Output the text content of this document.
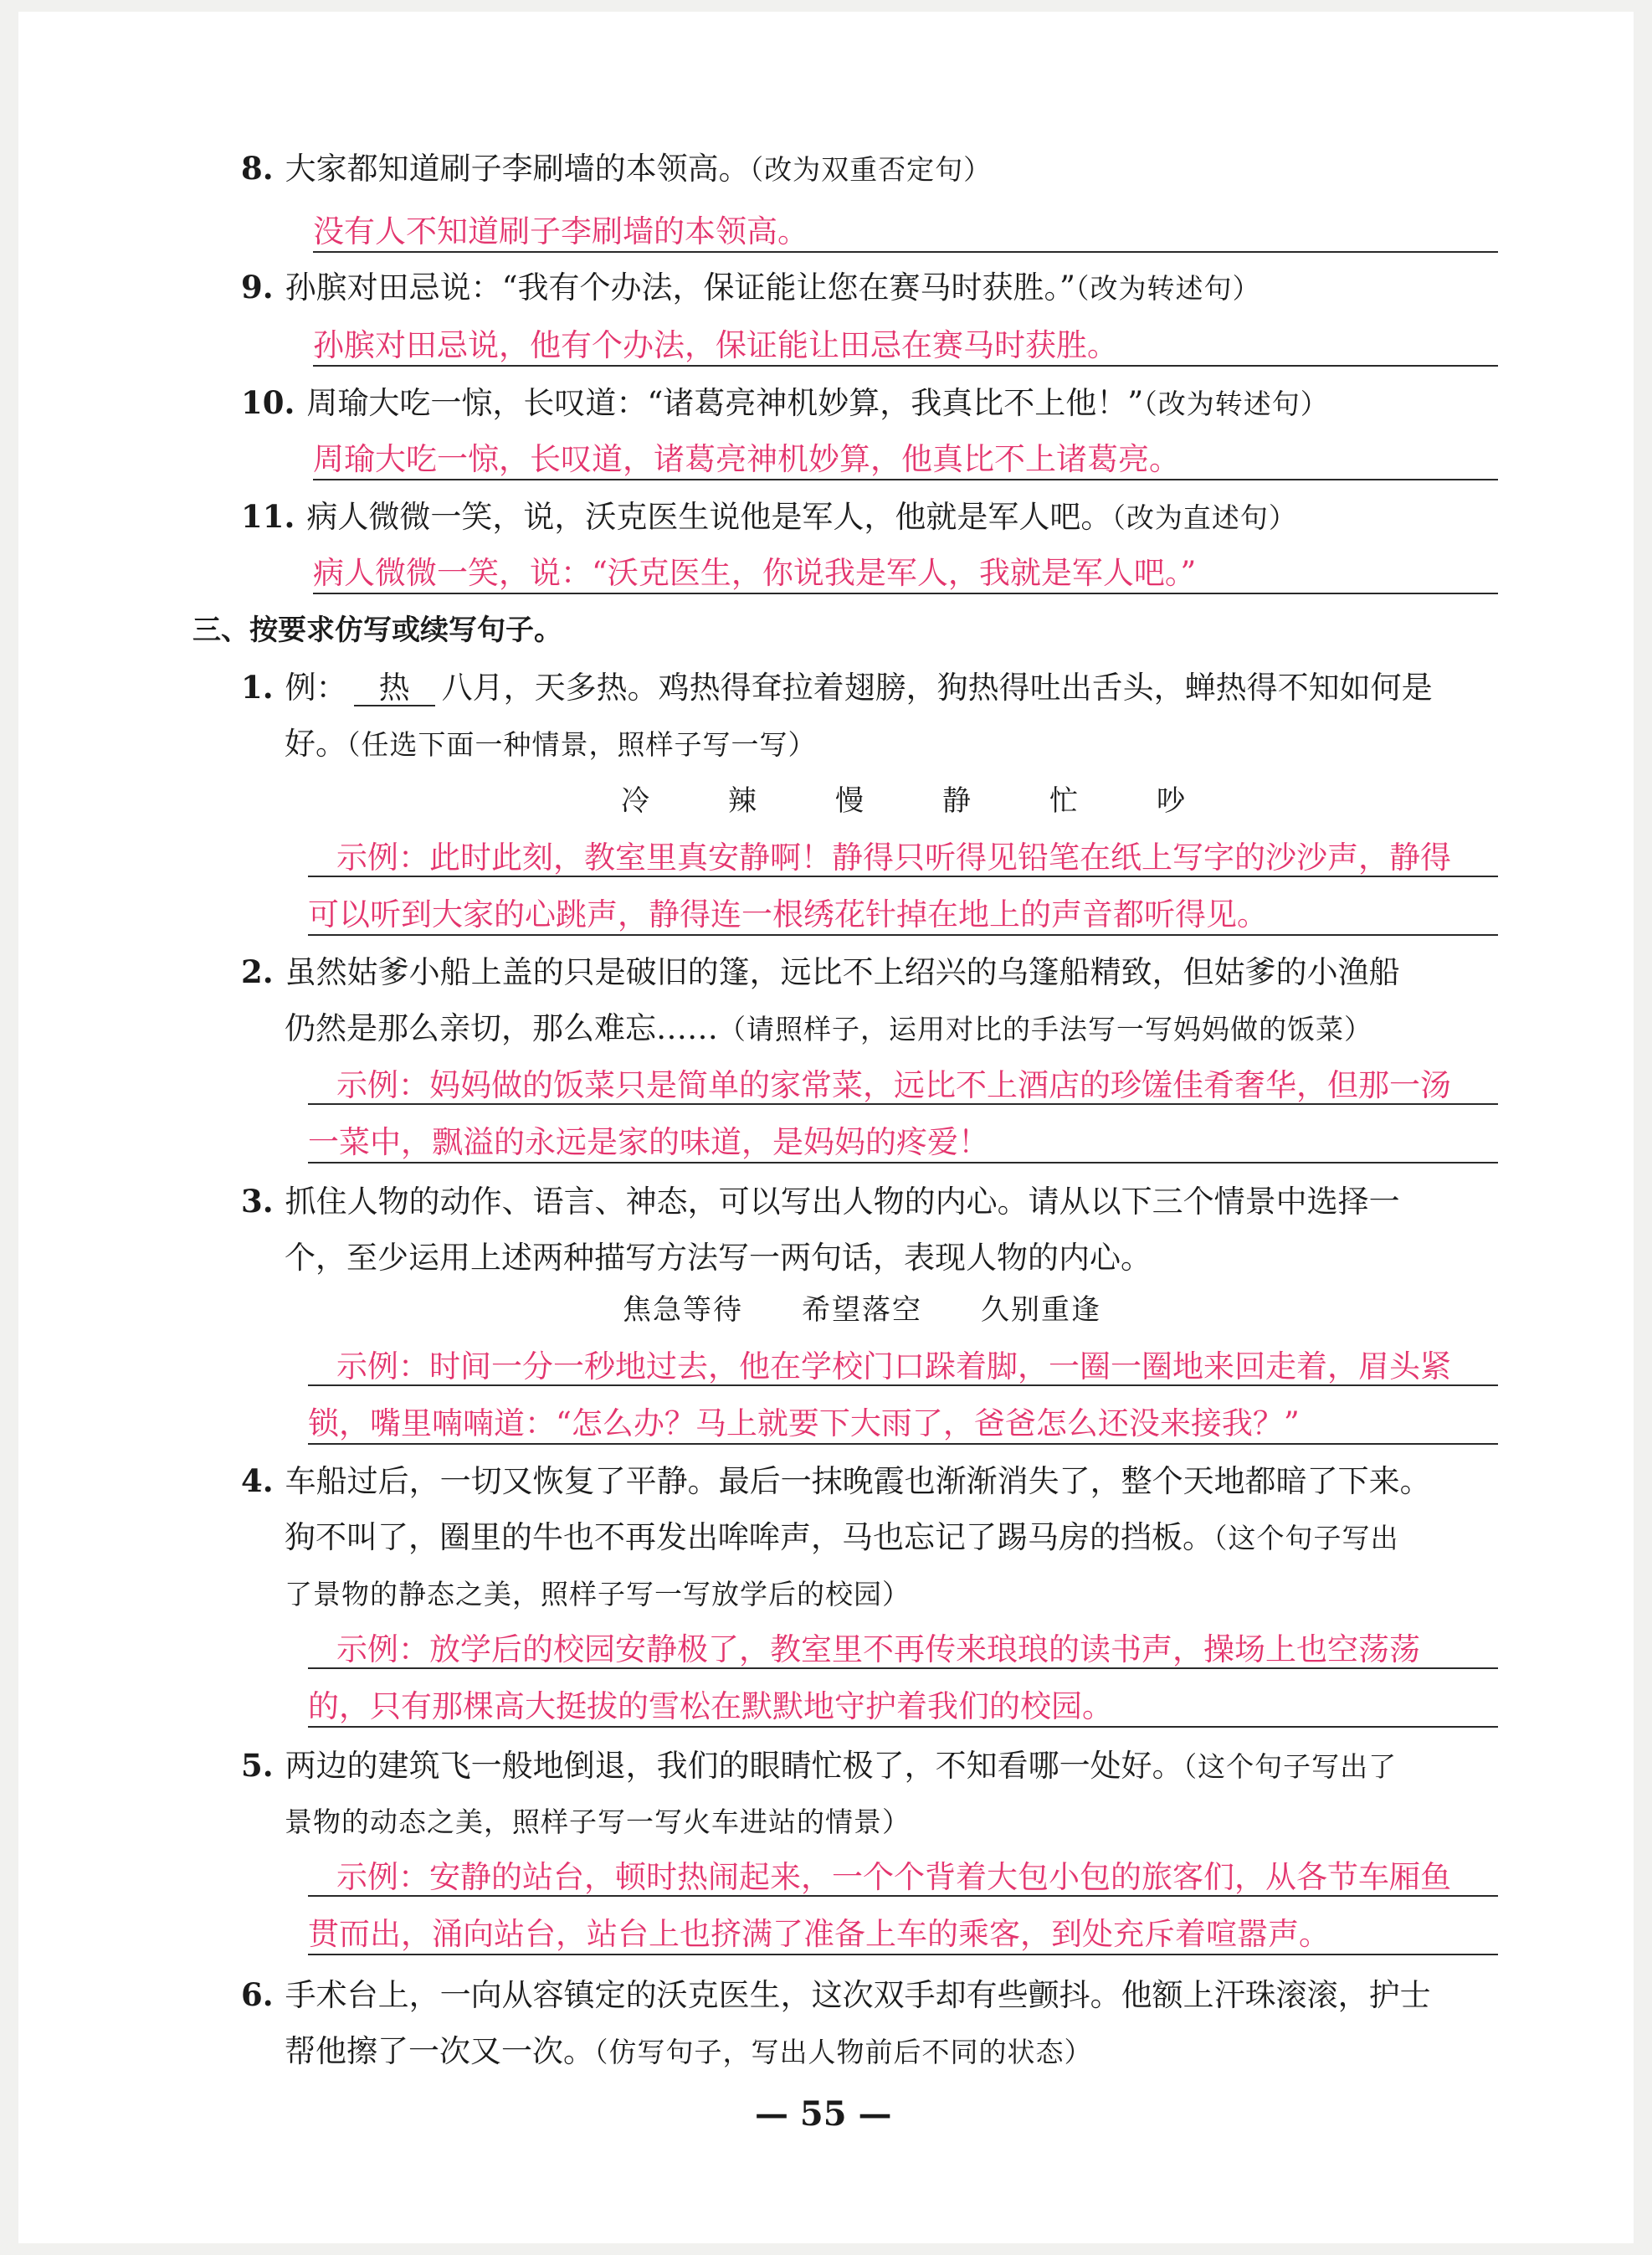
8. 大家都知道刷子李刷墙的本领高。（改为双重否定句）
没有人不知道刷子李刷墙的本领高。
9. 孙膑对田忌说：“我有个办法，保证能让您在赛马时获胜。”（改为转述句）
孙膑对田忌说，他有个办法，保证能让田忌在赛马时获胜。
10. 周瑜大吃一惊，长叹道：“诸葛亮神机妙算，我真比不上他！”（改为转述句）
周瑜大吃一惊，长叹道，诸葛亮神机妙算，他真比不上诸葛亮。
11. 病人微微一笑，说，沃克医生说他是军人，他就是军人吧。（改为直述句）
病人微微一笑，说：“沃克医生，你说我是军人，我就是军人吧。”
三、按要求仿写或续写句子。
1. 例： 热 八月，天多热。鸡热得耷拉着翅膀，狗热得吐出舌头，蝉热得不知如何是
好。（任选下面一种情景，照样子写一写）
冷	辣	慢	静	忙	吵
示例：此时此刻，教室里真安静啊！静得只听得见铅笔在纸上写字的沙沙声，静得
可以听到大家的心跳声，静得连一根绣花针掉在地上的声音都听得见。
2. 虽然姑爹小船上盖的只是破旧的篷，远比不上绍兴的乌篷船精致，但姑爹的小渔船
仍然是那么亲切，那么难忘……（请照样子，运用对比的手法写一写妈妈做的饭菜）
示例：妈妈做的饭菜只是简单的家常菜，远比不上酒店的珍馐佳肴奢华，但那一汤
一菜中，飘溢的永远是家的味道，是妈妈的疼爱！
3. 抓住人物的动作、语言、神态，可以写出人物的内心。请从以下三个情景中选择一
个，至少运用上述两种描写方法写一两句话，表现人物的内心。
焦急等待 希望落空 久别重逢
示例：时间一分一秒地过去，他在学校门口跺着脚，一圈一圈地来回走着，眉头紧
锁，嘴里喃喃道：“怎么办？马上就要下大雨了，爸爸怎么还没来接我？”
4. 车船过后，一切又恢复了平静。最后一抹晚霞也渐渐消失了，整个天地都暗了下来。
狗不叫了，圈里的牛也不再发出哞哞声，马也忘记了踢马房的挡板。（这个句子写出
了景物的静态之美，照样子写一写放学后的校园）
示例：放学后的校园安静极了，教室里不再传来琅琅的读书声，操场上也空荡荡
的，只有那棵高大挺拔的雪松在默默地守护着我们的校园。
5. 两边的建筑飞一般地倒退，我们的眼睛忙极了，不知看哪一处好。（这个句子写出了
景物的动态之美，照样子写一写火车进站的情景）
示例：安静的站台，顿时热闹起来，一个个背着大包小包的旅客们，从各节车厢鱼
贯而出，涌向站台，站台上也挤满了准备上车的乘客，到处充斥着喧嚣声。
6. 手术台上，一向从容镇定的沃克医生，这次双手却有些颤抖。他额上汗珠滚滚，护士
帮他擦了一次又一次。（仿写句子，写出人物前后不同的状态）
— 55 —
